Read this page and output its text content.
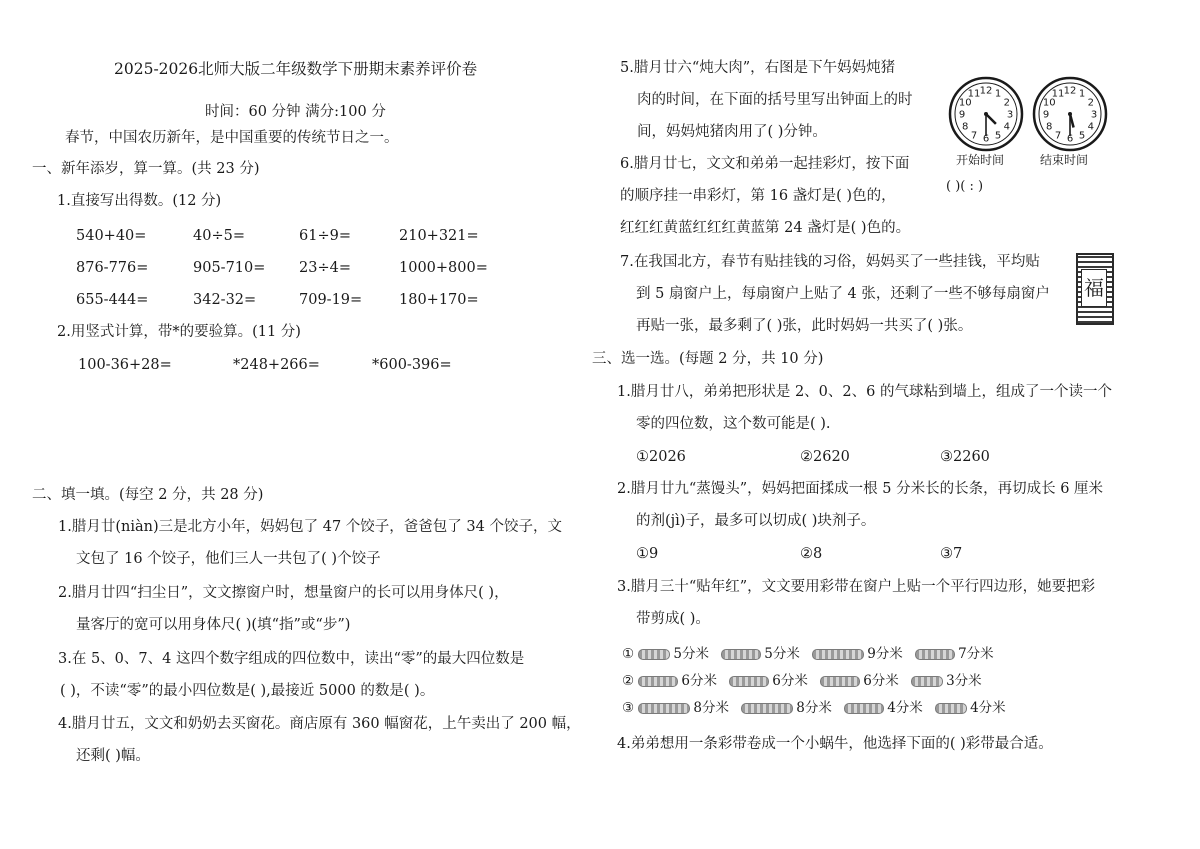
2025-2026北师大版二年级数学下册期末素养评价卷
时间：60 分钟 满分:100 分
春节，中国农历新年，是中国重要的传统节日之一。
一、新年添岁，算一算。(共 23 分)
1.直接写出得数。(12 分)
540+40=	40÷5=	61÷9=	210+321=
876-776=	905-710= 23÷4=	1000+800=
655-444=	342-32=	709-19=	180+170=
2.用竖式计算，带*的要验算。(11 分)
100-36+28=	*248+266=	*600-396=
二、填一填。(每空 2 分，共 28 分)
1.腊月廿(niàn)三是北方小年，妈妈包了 47 个饺子，爸爸包了 34 个饺子，文
文包了 16 个饺子，他们三人一共包了( )个饺子
2.腊月廿四“扫尘日”，文文擦窗户时，想量窗户的长可以用身体尺( )，
量客厅的宽可以用身体尺( )(填“指”或“步”)
3.在 5、0、7、4 这四个数字组成的四位数中，读出“零”的最大四位数是
( )，不读“零”的最小四位数是( ),最接近 5000 的数是( )。
4.腊月廿五，文文和奶奶去买窗花。商店原有 360 幅窗花，上午卖出了 200 幅，
还剩( )幅。
5.腊月廿六“炖大肉”，右图是下午妈妈炖猪
肉的时间，在下面的括号里写出钟面上的时
间，妈妈炖猪肉用了( )分钟。
6.腊月廿七，文文和弟弟一起挂彩灯，按下面
的顺序挂一串彩灯，第 16 盏灯是( )色的，
红红红黄蓝红红红黄蓝第 24 盏灯是( )色的。
7.在我国北方，春节有贴挂钱的习俗，妈妈买了一些挂钱，平均贴
到 5 扇窗户上，每扇窗户上贴了 4 张，还剩了一些不够每扇窗户
再贴一张，最多剩了( )张，此时妈妈一共买了( )张。
12 1
2
3
4
5
6
7
8
9
10
11	12 1
2
3
4
5
6
7
8
9
10
11
开始时间	结束时间
( )( : )
福
三、选一选。(每题 2 分，共 10 分)
1.腊月廿八，弟弟把形状是 2、0、2、6 的气球粘到墙上，组成了一个读一个
零的四位数，这个数可能是( ).
①2026	②2620	③2260
2.腊月廿九“蒸馒头”，妈妈把面揉成一根 5 分米长的长条，再切成长 6 厘米
的剂(jì)子，最多可以切成( )块剂子。
①9	②8	③7
3.腊月三十“贴年红”，文文要用彩带在窗户上贴一个平行四边形，她要把彩
带剪成( )。
①	5分米	5分米	9分米	7分米
②	6分米	6分米	6分米	3分米
③	8分米	8分米	4分米	4分米
4.弟弟想用一条彩带卷成一个小蜗牛，他选择下面的( )彩带最合适。
